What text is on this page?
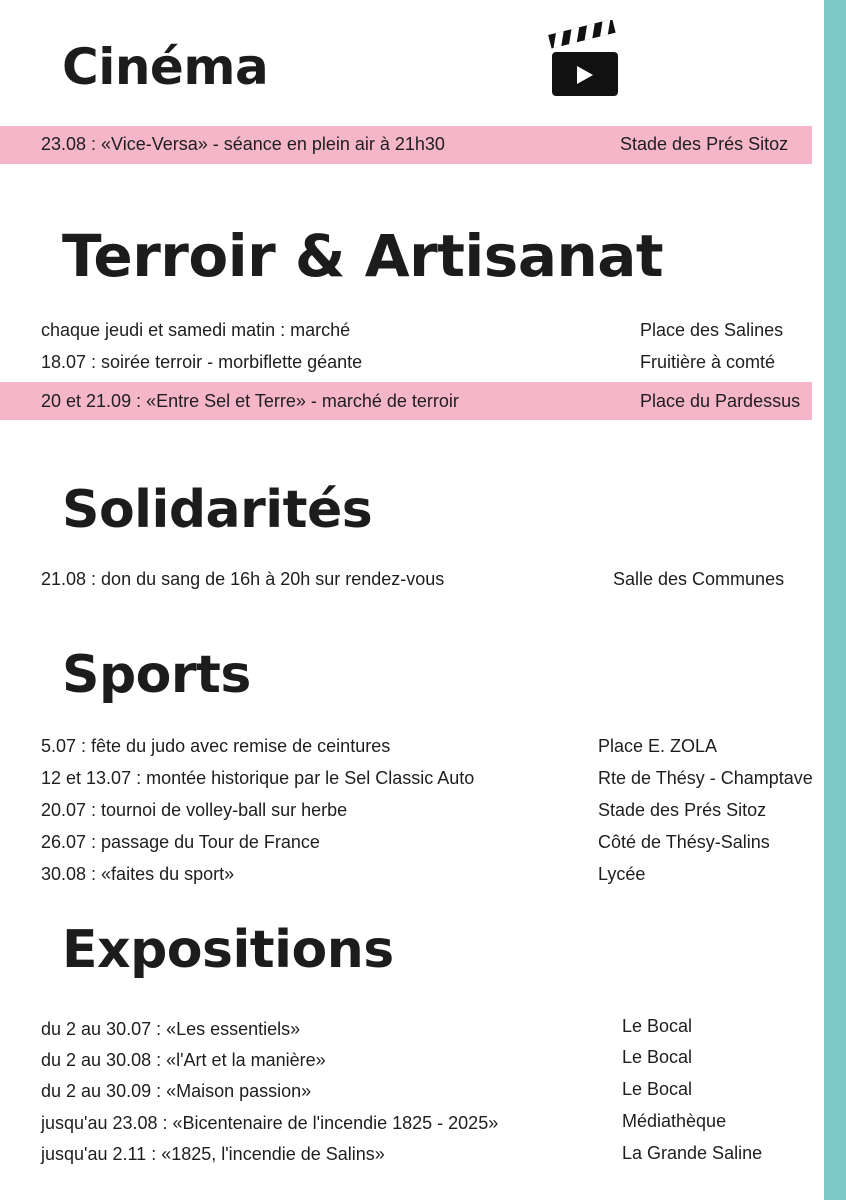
Cinéma
23.08 : «Vice-Versa» - séance en plein air à 21h30	Stade des Prés Sitoz
Terroir & Artisanat
chaque jeudi et samedi matin : marché	Place des Salines
18.07 : soirée terroir - morbiflette géante	Fruitière à comté
20 et 21.09 : «Entre Sel et Terre» - marché de terroir	Place du Pardessus
Solidarités
21.08 : don du sang de 16h à 20h sur rendez-vous	Salle des Communes
Sports
5.07 : fête du judo avec remise de ceintures	Place E. ZOLA
12 et 13.07 : montée historique par le Sel Classic Auto	Rte de Thésy - Champtave
20.07 : tournoi de volley-ball sur herbe	Stade des Prés Sitoz
26.07 : passage du Tour de France	Côté de Thésy-Salins
30.08 : «faites du sport»	Lycée
Expositions
du 2 au 30.07 : «Les essentiels»	Le Bocal
du 2 au 30.08 : «l'Art et la manière»	Le Bocal
du 2 au 30.09 : «Maison passion»	Le Bocal
jusqu'au 23.08 : «Bicentenaire de l'incendie 1825 - 2025»	Médiathèque
jusqu'au 2.11 : «1825, l'incendie de Salins»	La Grande Saline
